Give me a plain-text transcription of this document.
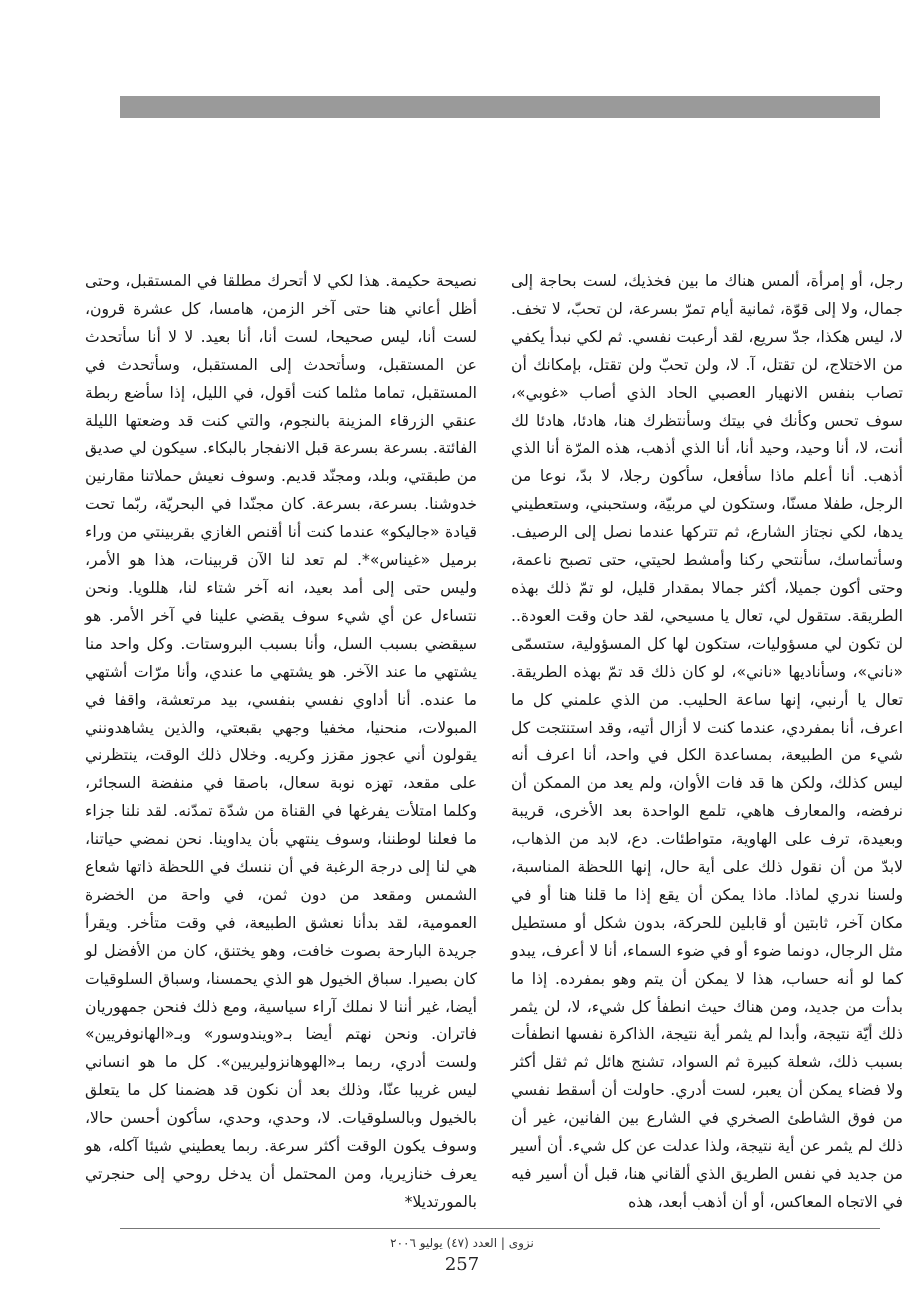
رجل، أو إمرأة، ألمس هناك ما بين فخذيك، لست بحاجة إلى جمال، ولا إلى قوّة، ثمانية أيام تمرّ بسرعة، لن تحبّ، لا تخف. لا، ليس هكذا، جدّ سريع، لقد أرعبت نفسي. ثم لكي نبدأ يكفي من الاختلاج، لن تقتل، آ. لا، ولن تحبّ ولن تقتل، بإمكانك أن تصاب بنفس الانهيار العصبي الحاد الذي أصاب «غوبي»، سوف تحس وكأنك في بيتك وسأنتظرك هنا، هادئا، هادئا لك أنت، لا، أنا وحيد، وحيد أنا، أنا الذي أذهب، هذه المرّة أنا الذي أذهب. أنا أعلم ماذا سأفعل، سأكون رجلا، لا بدّ، نوعا من الرجل، طفلا مسنّا، وستكون لي مربيّة، وستحبني، وستعطيني يدها، لكي نجتاز الشارع، ثم تتركها عندما نصل إلى الرصيف. وسأتماسك، سأنتحي ركنا وأمشط لحيتي، حتى تصبح ناعمة، وحتى أكون جميلا، أكثر جمالا بمقدار قليل، لو تمّ ذلك بهذه الطريقة. ستقول لي، تعال يا مسيحي، لقد حان وقت العودة.. لن تكون لي مسؤوليات، ستكون لها كل المسؤولية، ستسمّى «ناني»، وسأناديها «ناني»، لو كان ذلك قد تمّ بهذه الطريقة. تعال يا أرنبي، إنها ساعة الحليب. من الذي علمني كل ما اعرف، أنا بمفردي، عندما كنت لا أزال أتيه، وقد استنتجت كل شيء من الطبيعة، بمساعدة الكل في واحد، أنا اعرف أنه ليس كذلك، ولكن ها قد فات الأوان، ولم يعد من الممكن أن نرفضه، والمعارف هاهي، تلمع الواحدة بعد الأخرى، قريبة وبعيدة، ترف على الهاوية، متواطئات. دع، لابد من الذهاب، لابدّ من أن نقول ذلك على أية حال، إنها اللحظة المناسبة، ولسنا ندري لماذا. ماذا يمكن أن يقع إذا ما قلنا هنا أو في مكان آخر، ثابتين أو قابلين للحركة، بدون شكل أو مستطيل مثل الرجال، دونما ضوء أو في ضوء السماء، أنا لا أعرف، يبدو كما لو أنه حساب، هذا لا يمكن أن يتم وهو بمفرده. إذا ما بدأت من جديد، ومن هناك حيث انطفأ كل شيء، لا، لن يثمر ذلك أيّة نتيجة، وأبدا لم يثمر أية نتيجة، الذاكرة نفسها انطفأت بسبب ذلك، شعلة كبيرة ثم السواد، تشنج هائل ثم ثقل أكثر ولا فضاء يمكن أن يعبر، لست أدري. حاولت أن أسقط نفسي من فوق الشاطئ الصخري في الشارع بين الفانين، غير أن ذلك لم يثمر عن أية نتيجة، ولذا عدلت عن كل شيء. أن أسير من جديد في نفس الطريق الذي ألقاني هنا، قبل أن أسير فيه في الاتجاه المعاكس، أو أن أذهب أبعد، هذه

نصيحة حكيمة. هذا لكي لا أتحرك مطلقا في المستقبل، وحتى أظل أعاني هنا حتى آخر الزمن، هامسا، كل عشرة قرون، لست أنا، ليس صحيحا، لست أنا، أنا بعيد. لا لا أنا سأتحدث عن المستقبل، وسأتحدث إلى المستقبل، وسأتحدث في المستقبل، تماما مثلما كنت أقول، في الليل، إذا سأضع ربطة عنقي الزرقاء المزينة بالنجوم، والتي كنت قد وضعتها الليلة الفائتة. بسرعة بسرعة قبل الانفجار بالبكاء. سيكون لي صديق من طبقتي، وبلد، ومجنّد قديم. وسوف نعيش حملاتنا مقارنين خدوشنا. بسرعة، بسرعة. كان مجنّدا في البحريّة، ربّما تحت قيادة «جاليكو» عندما كنت أنا أقنص الغازي بقربينتي من وراء برميل «غيناس»*. لم تعد لنا الآن قربينات، هذا هو الأمر، وليس حتى إلى أمد بعيد، انه آخر شتاء لنا، هللويا. ونحن نتساءل عن أي شيء سوف يقضي علينا في آخر الأمر. هو سيقضي بسبب السل، وأنا بسبب البروستات. وكل واحد منا يشتهي ما عند الآخر. هو يشتهي ما عندي، وأنا مرّات أشتهي ما عنده. أنا أداوي نفسي بنفسي، بيد مرتعشة، واقفا في المبولات، منحنيا، مخفيا وجهي بقبعتي، والذين يشاهدونني يقولون أني عجوز مقزز وكريه. وخلال ذلك الوقت، ينتظرني على مقعد، تهزه نوبة سعال، باصقا في منفضة السجائر، وكلما امتلأت يفرغها في القناة من شدّة تمدّنه. لقد نلنا جزاء ما فعلنا لوطننا، وسوف ينتهي بأن يداوينا. نحن نمضي حياتنا، هي لنا إلى درجة الرغبة في أن ننسك في اللحظة ذاتها شعاع الشمس ومقعد من دون ثمن، في واحة من الخضرة العمومية، لقد بدأنا نعشق الطبيعة، في وقت متأخر. ويقرأ جريدة البارحة بصوت خافت، وهو يختنق، كان من الأفضل لو كان بصيرا. سباق الخيول هو الذي يحمسنا، وسباق السلوقيات أيضا، غير أننا لا نملك آراء سياسية، ومع ذلك فنحن جمهوريان فاتران. ونحن نهتم أيضا بـ«ويندوسور» وبـ«الهانوفريين» ولست أدري، ربما بـ«الهوهانزوليريين». كل ما هو انساني ليس غريبا عنّا، وذلك بعد أن نكون قد هضمنا كل ما يتعلق بالخيول وبالسلوقيات. لا، وحدي، وحدي، سأكون أحسن حالا، وسوف يكون الوقت أكثر سرعة. ربما يعطيني شيئا آكله، هو يعرف خنازيريا، ومن المحتمل أن يدخل روحي إلى حنجرتي بالمورتديلا*

نزوى | العدد (٤٧) يوليو ٢٠٠٦
257
